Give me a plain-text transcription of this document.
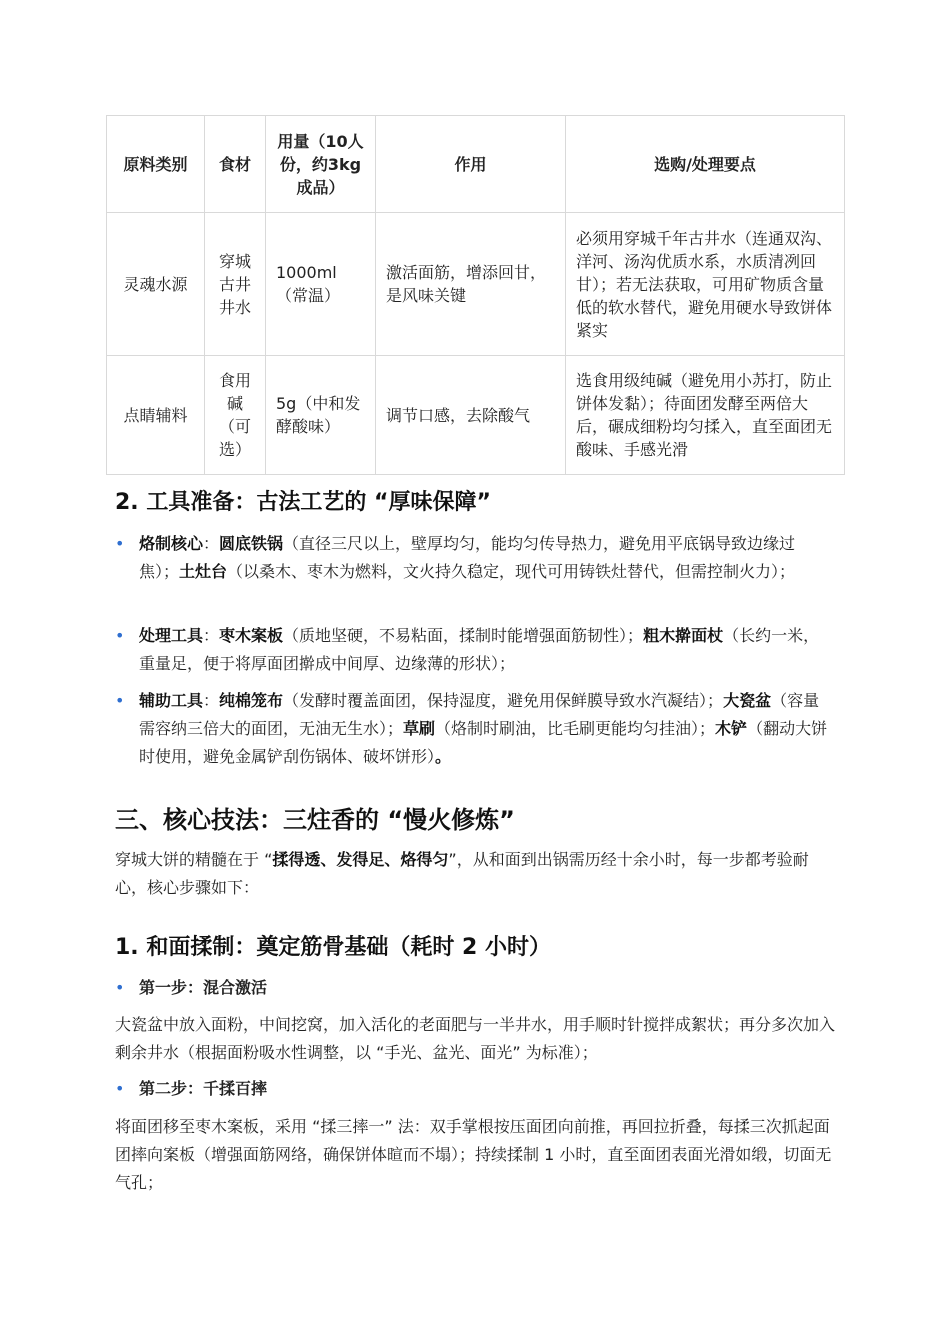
原料类别	食材	用量（10人份，约3kg成品）	作用	选购/处理要点
灵魂水源	穿城古井井水	1000ml（常温）	激活面筋，增添回甘，是风味关键	必须用穿城千年古井水（连通双沟、洋河、汤沟优质水系，水质清冽回甘）；若无法获取，可用矿物质含量低的软水替代，避免用硬水导致饼体紧实
点睛辅料	食用碱（可选）	5g（中和发酵酸味）	调节口感，去除酸气	选食用级纯碱（避免用小苏打，防止饼体发黏）；待面团发酵至两倍大后，碾成细粉均匀揉入，直至面团无酸味、手感光滑
2. 工具准备：古法工艺的 “厚味保障”
• 烙制核心：圆底铁锅（直径三尺以上，壁厚均匀，能均匀传导热力，避免用平底锅导致边缘过焦）；土灶台（以桑木、枣木为燃料，文火持久稳定，现代可用铸铁灶替代，但需控制火力）；
• 处理工具：枣木案板（质地坚硬，不易粘面，揉制时能增强面筋韧性）；粗木擀面杖（长约一米，重量足，便于将厚面团擀成中间厚、边缘薄的形状）；
• 辅助工具：纯棉笼布（发酵时覆盖面团，保持湿度，避免用保鲜膜导致水汽凝结）；大瓷盆（容量需容纳三倍大的面团，无油无生水）；草刷（烙制时刷油，比毛刷更能均匀挂油）；木铲（翻动大饼时使用，避免金属铲刮伤锅体、破坏饼形）。
三、核心技法：三炷香的 “慢火修炼”
穿城大饼的精髓在于 “揉得透、发得足、烙得匀”，从和面到出锅需历经十余小时，每一步都考验耐心，核心步骤如下：
1. 和面揉制：奠定筋骨基础（耗时 2 小时）
• 第一步：混合激活
大瓷盆中放入面粉，中间挖窝，加入活化的老面肥与一半井水，用手顺时针搅拌成絮状；再分多次加入剩余井水（根据面粉吸水性调整，以 “手光、盆光、面光” 为标准）；
• 第二步：千揉百摔
将面团移至枣木案板，采用 “揉三摔一” 法：双手掌根按压面团向前推，再回拉折叠，每揉三次抓起面团摔向案板（增强面筋网络，确保饼体暄而不塌）；持续揉制 1 小时，直至面团表面光滑如缎，切面无气孔；
